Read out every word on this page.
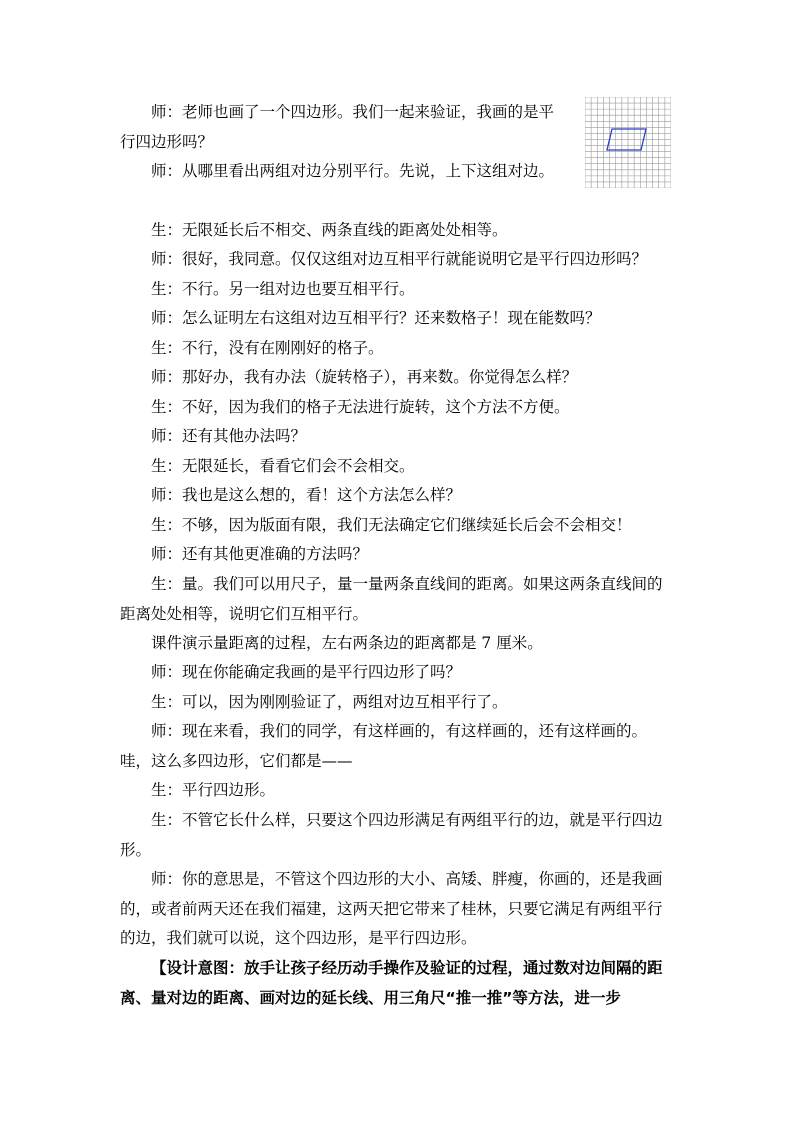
师：老师也画了一个四边形。我们一起来验证，我画的是平行四边形吗？

师：从哪里看出两组对边分别平行。先说，上下这组对边。

生：无限延长后不相交、两条直线的距离处处相等。

师：很好，我同意。仅仅这组对边互相平行就能说明它是平行四边形吗？

生：不行。另一组对边也要互相平行。

师：怎么证明左右这组对边互相平行？还来数格子！现在能数吗？

生：不行，没有在刚刚好的格子。

师：那好办，我有办法（旋转格子），再来数。你觉得怎么样？

生：不好，因为我们的格子无法进行旋转，这个方法不方便。

师：还有其他办法吗？

生：无限延长，看看它们会不会相交。

师：我也是这么想的，看！这个方法怎么样？

生：不够，因为版面有限，我们无法确定它们继续延长后会不会相交！

师：还有其他更准确的方法吗？

生：量。我们可以用尺子，量一量两条直线间的距离。如果这两条直线间的距离处处相等，说明它们互相平行。

课件演示量距离的过程，左右两条边的距离都是 7 厘米。

师：现在你能确定我画的是平行四边形了吗？

生：可以，因为刚刚验证了，两组对边互相平行了。

师：现在来看，我们的同学，有这样画的，有这样画的，还有这样画的。哇，这么多四边形，它们都是——

生：平行四边形。

生：不管它长什么样，只要这个四边形满足有两组平行的边，就是平行四边形。

师：你的意思是，不管这个四边形的大小、高矮、胖瘦，你画的，还是我画的，或者前两天还在我们福建，这两天把它带来了桂林，只要它满足有两组平行的边，我们就可以说，这个四边形，是平行四边形。

【设计意图：放手让孩子经历动手操作及验证的过程，通过数对边间隔的距离、量对边的距离、画对边的延长线、用三角尺“推一推”等方法，进一步
